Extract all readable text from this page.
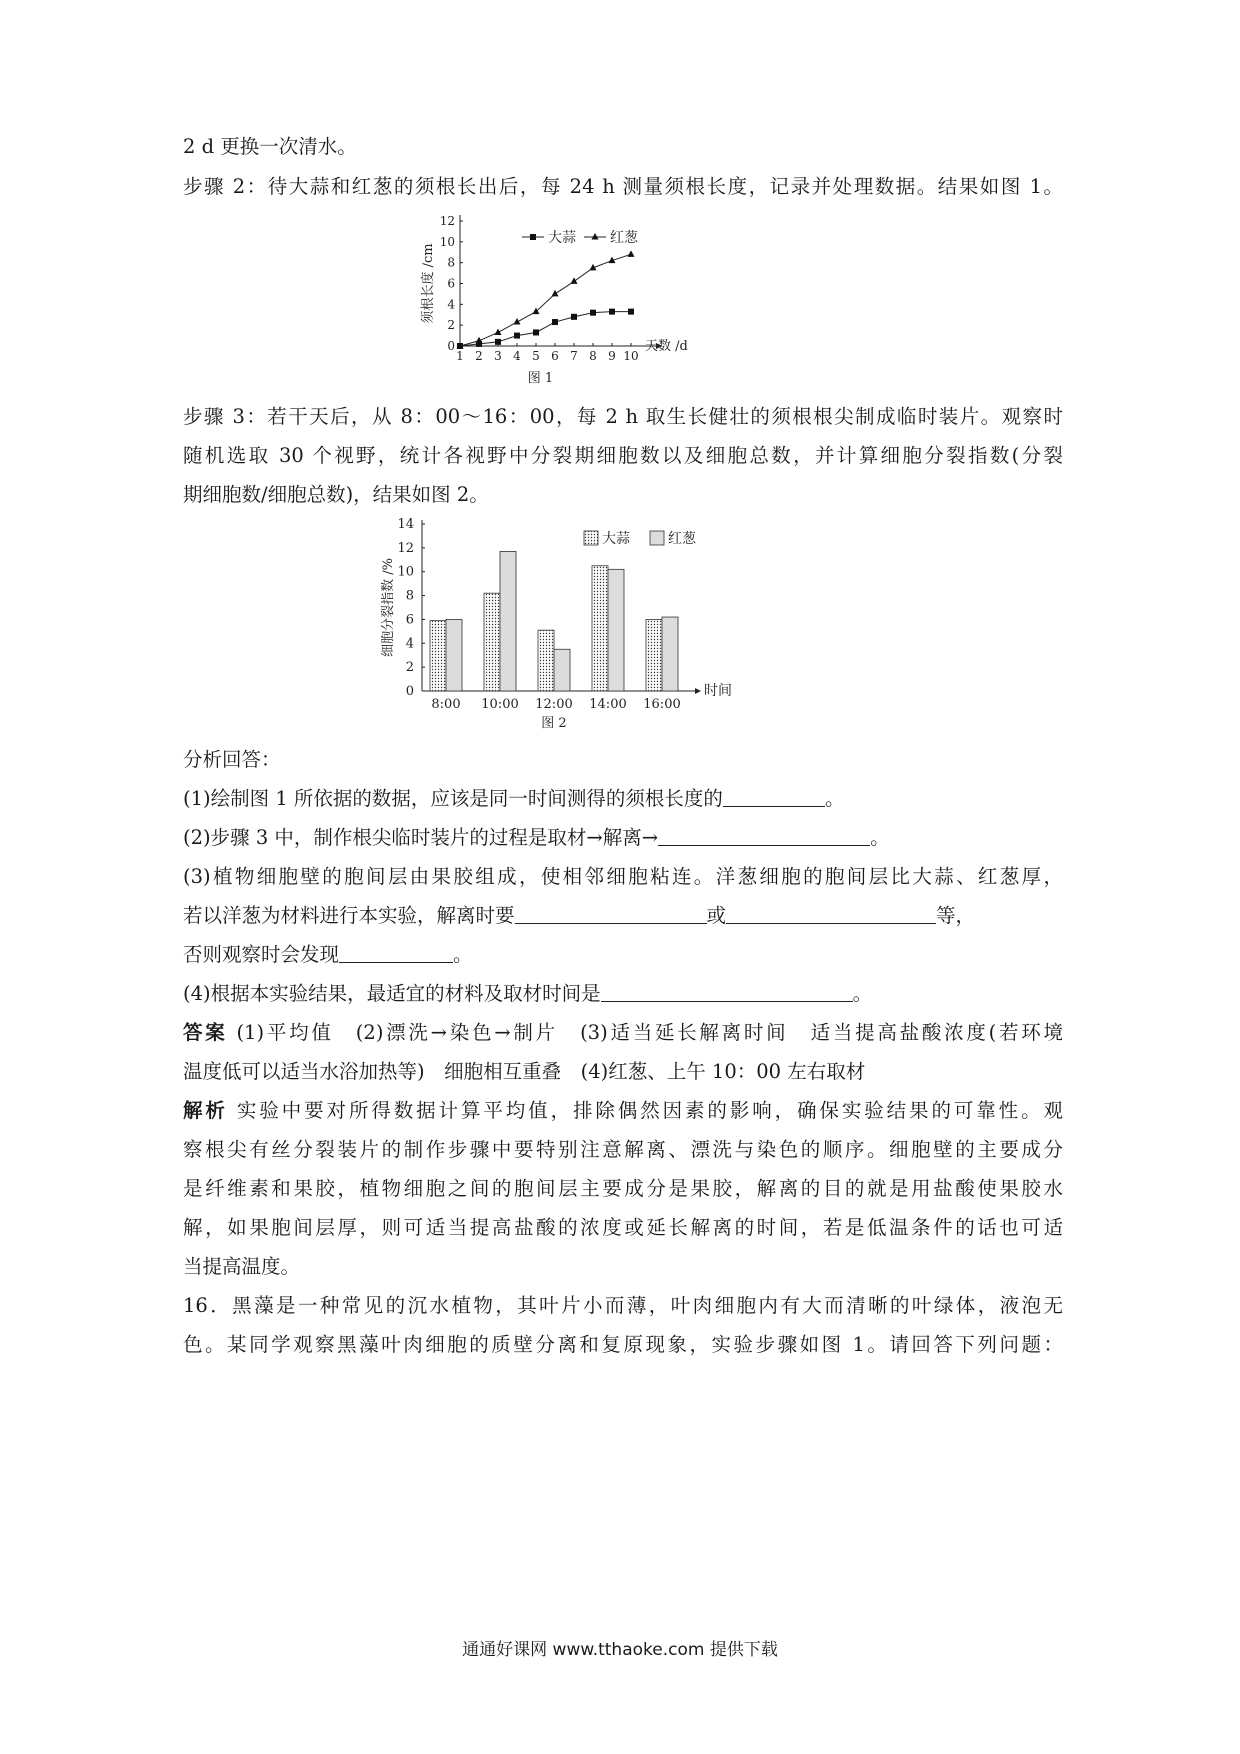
2 d 更换一次清水。
步骤 2：待大蒜和红葱的须根长出后，每 24 h 测量须根长度，记录并处理数据。结果如图 1。
0
2
4
6
8
10
12
1 2 3 4 5 6 7 8 9 10
天数 /d
须根长度 /cm
大蒜 红葱
图 1
步骤 3：若干天后，从 8：00～16：00，每 2 h 取生长健壮的须根根尖制成临时装片。观察时
随机选取 30 个视野，统计各视野中分裂期细胞数以及细胞总数，并计算细胞分裂指数(分裂
期细胞数/细胞总数)，结果如图 2。
0
2
4
6
8
10
12
14
8:00 10:00 12:00 14:00 16:00
时间
细胞分裂指数 /%
大蒜	红葱
图 2
分析回答：
(1)绘制图 1 所依据的数据，应该是同一时间测得的须根长度的	。
(2)步骤 3 中，制作根尖临时装片的过程是取材→解离→	。
(3)植物细胞壁的胞间层由果胶组成，使相邻细胞粘连。洋葱细胞的胞间层比大蒜、红葱厚，
若以洋葱为材料进行本实验，解离时要	或	等，
否则观察时会发现	。
(4)根据本实验结果，最适宜的材料及取材时间是	。
答案 (1)平均值　(2)漂洗→染色→制片　(3)适当延长解离时间　适当提高盐酸浓度(若环境
温度低可以适当水浴加热等)　细胞相互重叠　(4)红葱、上午 10：00 左右取材
解析 实验中要对所得数据计算平均值，排除偶然因素的影响，确保实验结果的可靠性。观
察根尖有丝分裂装片的制作步骤中要特别注意解离、漂洗与染色的顺序。细胞壁的主要成分
是纤维素和果胶，植物细胞之间的胞间层主要成分是果胶，解离的目的就是用盐酸使果胶水
解，如果胞间层厚，则可适当提高盐酸的浓度或延长解离的时间，若是低温条件的话也可适
当提高温度。
16．黑藻是一种常见的沉水植物，其叶片小而薄，叶肉细胞内有大而清晰的叶绿体，液泡无
色。某同学观察黑藻叶肉细胞的质壁分离和复原现象，实验步骤如图 1。请回答下列问题：
通通好课网 www.tthaoke.com 提供下载
